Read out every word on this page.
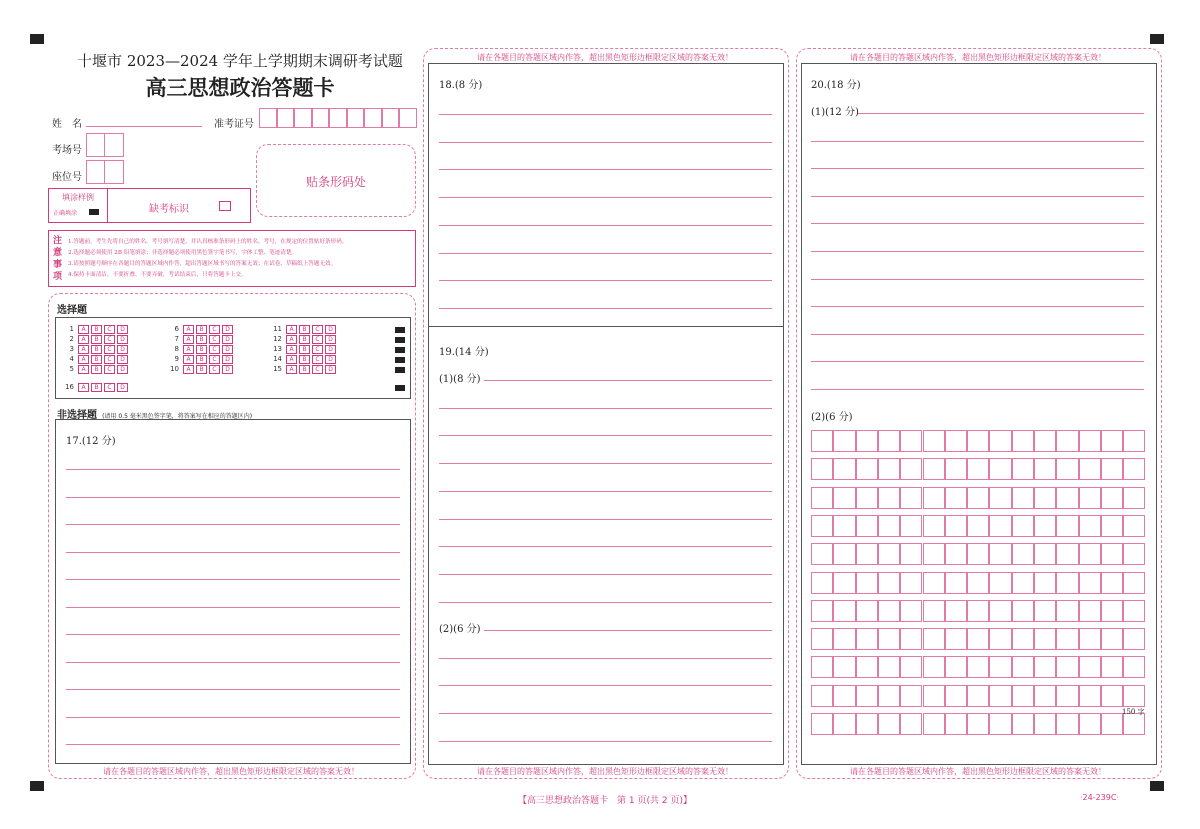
十堰市 2023—2024 学年上学期期末调研考试题
高三思想政治答题卡
姓　名	准考证号
考场号
座位号	贴条形码处
填涂样例
正确填涂	缺考标识
注
意
事
项
1.答题前，考生先将自己的姓名、考号填写清楚，并认真核准条形码上的姓名、考号，在规定的位置贴好条形码。
2.选择题必须使用 2B 铅笔填涂；非选择题必须使用黑色签字笔书写，字体工整、笔迹清楚。
3.请按照题号顺序在各题目的答题区域内作答，超出答题区域书写的答案无效；在试卷、草稿纸上答题无效。
4.保持卡面清洁，不要折叠、不要弄破，考试结束后，只将答题卡上交。
选择题
1 A B C D
2 A B C D
3 A B C D
4 A B C D
5 A B C D
6 A B C D
7 A B C D
8 A B C D
9 A B C D
10 A B C D
11 A B C D
12 A B C D
13 A B C D
14 A B C D
15 A B C D
16 A B C D
非选择题 (请用 0.5 毫米黑色签字笔，将答案写在相应的答题区内)
17.(12 分)
请在各题目的答题区域内作答，超出黑色矩形边框限定区域的答案无效！
请在各题目的答题区域内作答，超出黑色矩形边框限定区域的答案无效！
18.(8 分)
19.(14 分)
(1)(8 分)
(2)(6 分)
请在各题目的答题区域内作答，超出黑色矩形边框限定区域的答案无效！
请在各题目的答题区域内作答，超出黑色矩形边框限定区域的答案无效！
20.(18 分)
(1)(12 分)
(2)(6 分)
150 字
请在各题目的答题区域内作答，超出黑色矩形边框限定区域的答案无效！
【高三思想政治答题卡　第 1 页(共 2 页)】	·24-239C·
